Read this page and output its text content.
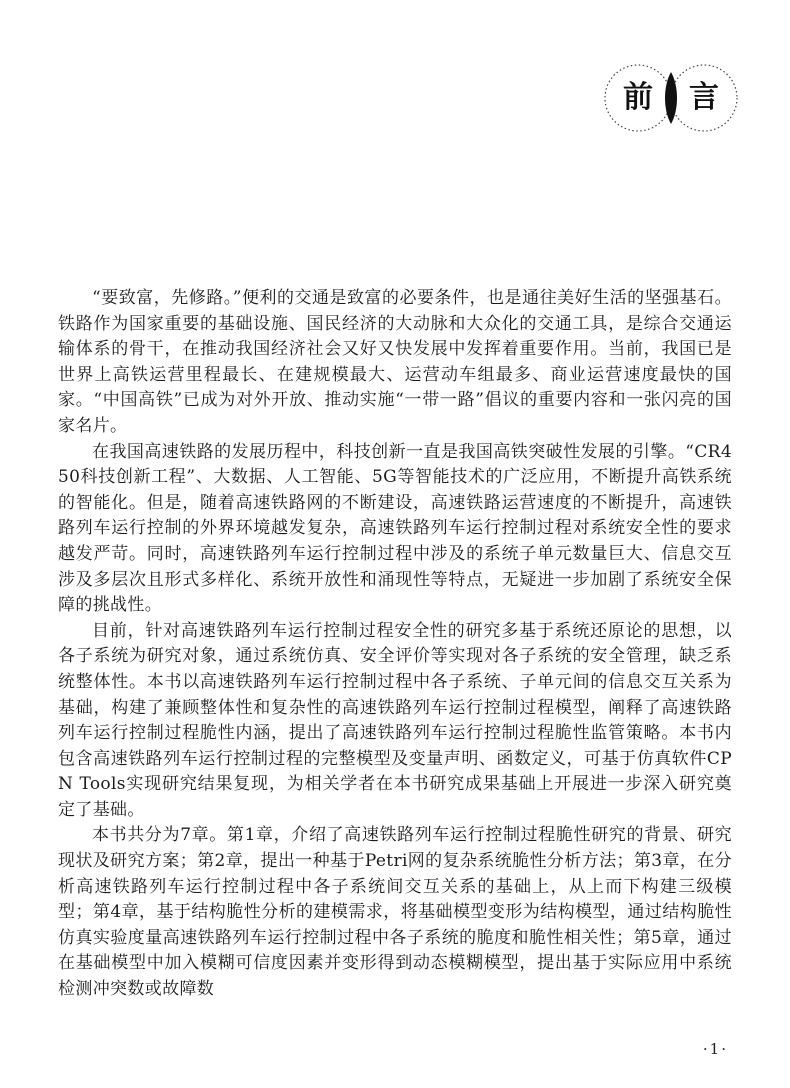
前 言

“要致富，先修路。”便利的交通是致富的必要条件，也是通往美好生活的坚强基石。铁路作为国家重要的基础设施、国民经济的大动脉和大众化的交通工具，是综合交通运输体系的骨干，在推动我国经济社会又好又快发展中发挥着重要作用。当前，我国已是世界上高铁运营里程最长、在建规模最大、运营动车组最多、商业运营速度最快的国家。“中国高铁”已成为对外开放、推动实施“一带一路”倡议的重要内容和一张闪亮的国家名片。

在我国高速铁路的发展历程中，科技创新一直是我国高铁突破性发展的引擎。“CR450科技创新工程”、大数据、人工智能、5G等智能技术的广泛应用，不断提升高铁系统的智能化。但是，随着高速铁路网的不断建设，高速铁路运营速度的不断提升，高速铁路列车运行控制的外界环境越发复杂，高速铁路列车运行控制过程对系统安全性的要求越发严苛。同时，高速铁路列车运行控制过程中涉及的系统子单元数量巨大、信息交互涉及多层次且形式多样化、系统开放性和涌现性等特点，无疑进一步加剧了系统安全保障的挑战性。

目前，针对高速铁路列车运行控制过程安全性的研究多基于系统还原论的思想，以各子系统为研究对象，通过系统仿真、安全评价等实现对各子系统的安全管理，缺乏系统整体性。本书以高速铁路列车运行控制过程中各子系统、子单元间的信息交互关系为基础，构建了兼顾整体性和复杂性的高速铁路列车运行控制过程模型，阐释了高速铁路列车运行控制过程脆性内涵，提出了高速铁路列车运行控制过程脆性监管策略。本书内包含高速铁路列车运行控制过程的完整模型及变量声明、函数定义，可基于仿真软件CPN Tools实现研究结果复现，为相关学者在本书研究成果基础上开展进一步深入研究奠定了基础。

本书共分为7章。第1章，介绍了高速铁路列车运行控制过程脆性研究的背景、研究现状及研究方案；第2章，提出一种基于Petri网的复杂系统脆性分析方法；第3章，在分析高速铁路列车运行控制过程中各子系统间交互关系的基础上，从上而下构建三级模型；第4章，基于结构脆性分析的建模需求，将基础模型变形为结构模型，通过结构脆性仿真实验度量高速铁路列车运行控制过程中各子系统的脆度和脆性相关性；第5章，通过在基础模型中加入模糊可信度因素并变形得到动态模糊模型，提出基于实际应用中系统检测冲突数或故障数

·1·
